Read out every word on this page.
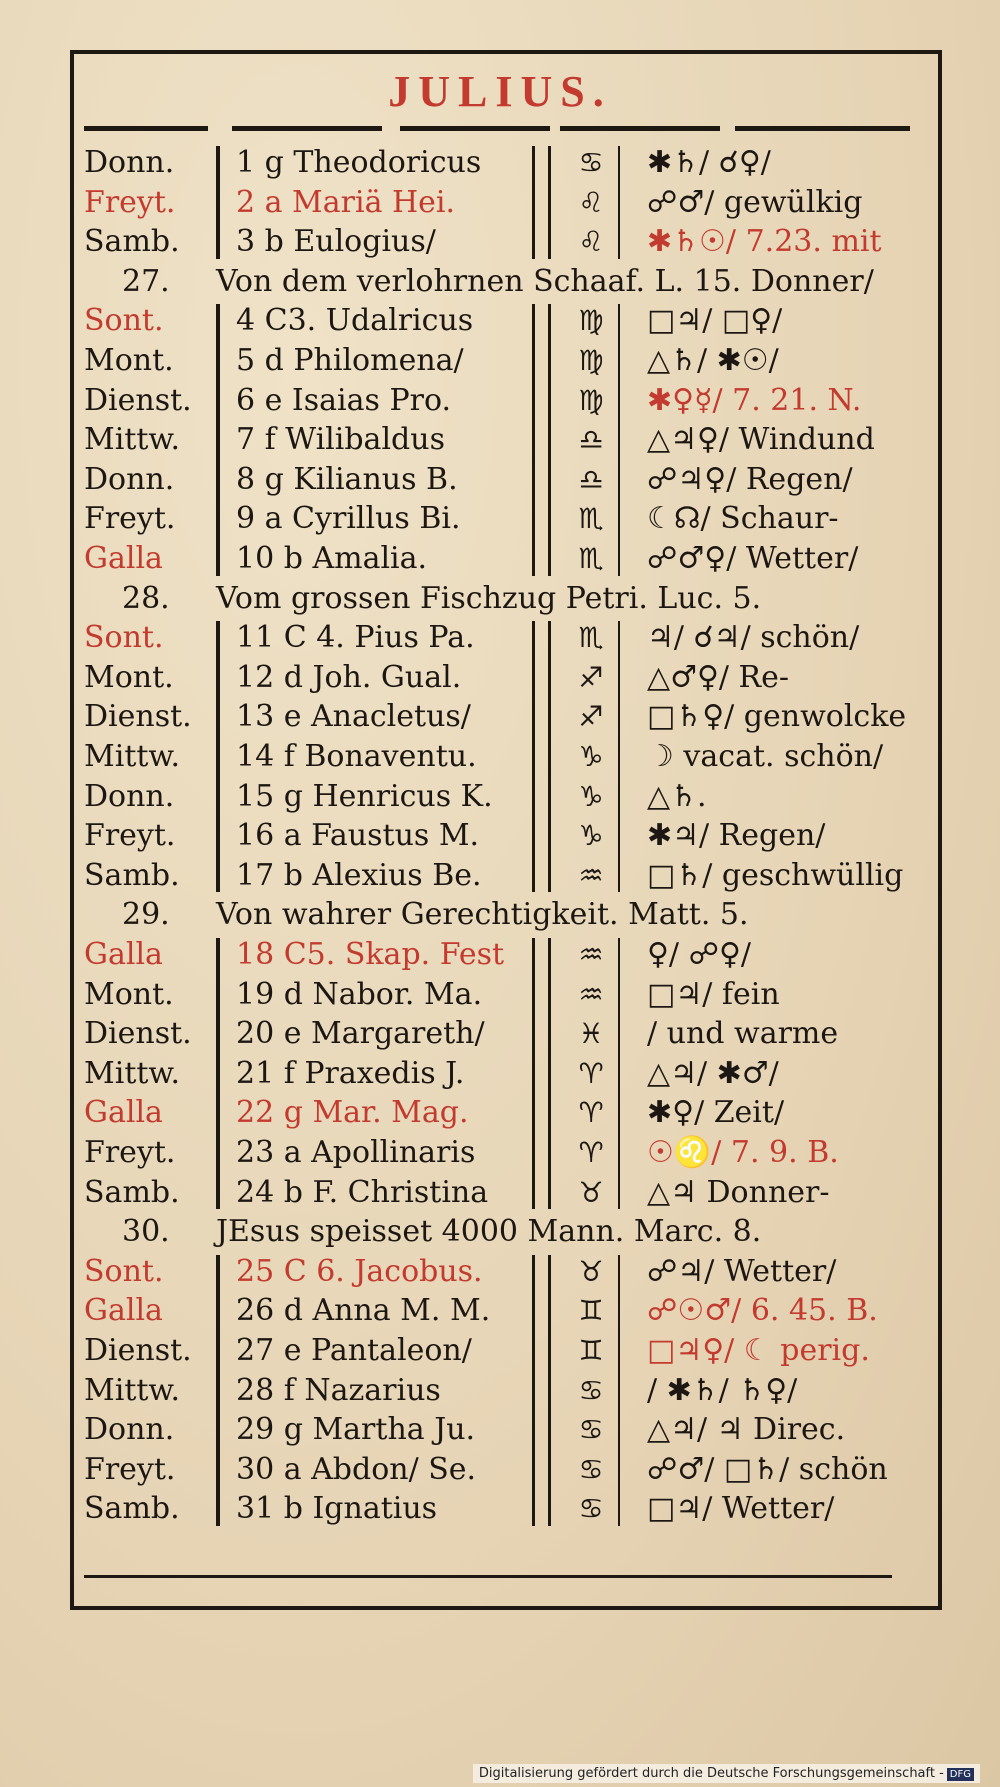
JULIUS.
Donn.	1 g Theodoricus	♋	✱♄/ ☌♀/
Freyt.	2 a Mariä Hei.	♌	☍♂/ gewülkig
Samb.	3 b Eulogius/	♌	✱♄☉/ 7.23. mit
27. Von dem verlohrnen Schaaf. L. 15. Donner/
Sont.	4 C3. Udalricus	♍	□♃/ □♀/
Mont.	5 d Philomena/	♍	△♄/ ✱☉/
Dienst.	6 e Isaias Pro.	♍	✱♀☿/ 7. 21. N.
Mittw.	7 f Wilibaldus	♎	△♃♀/ Windund
Donn.	8 g Kilianus B.	♎	☍♃♀/ Regen/
Freyt.	9 a Cyrillus Bi.	♏	☾☊/ Schaur-
Galla	10 b Amalia.	♏	☍♂♀/ Wetter/
28. Vom grossen Fischzug Petri. Luc. 5.
Sont.	11 C 4. Pius Pa.	♏	♃/ ☌♃/ schön/
Mont.	12 d Joh. Gual.	♐	△♂♀/ Re-
Dienst.	13 e Anacletus/	♐	□♄♀/ genwolcke
Mittw.	14 f Bonaventu.	♑	☽ vacat. schön/
Donn.	15 g Henricus K.	♑	△♄.
Freyt.	16 a Faustus M.	♑	✱♃/ Regen/
Samb.	17 b Alexius Be.	♒	□♄/ geschwüllig
29. Von wahrer Gerechtigkeit. Matt. 5.
Galla	18 C5. Skap. Fest	♒	♀/ ☍♀/
Mont.	19 d Nabor. Ma.	♒	□♃/ fein
Dienst.	20 e Margareth/	♓	/ und warme
Mittw.	21 f Praxedis J.	♈	△♃/ ✱♂/
Galla	22 g Mar. Mag.	♈	✱♀/ Zeit/
Freyt.	23 a Apollinaris	♈	☉♌/ 7. 9. B.
Samb.	24 b F. Christina	♉	△♃ Donner-
30. JEsus speisset 4000 Mann. Marc. 8.
Sont.	25 C 6. Jacobus.	♉	☍♃/ Wetter/
Galla	26 d Anna M. M.	♊	☍☉♂/ 6. 45. B.
Dienst.	27 e Pantaleon/	♊	□♃♀/ ☾ perig.
Mittw.	28 f Nazarius	♋	/ ✱♄/ ♄♀/
Donn.	29 g Martha Ju.	♋	△♃/ ♃ Direc.
Freyt.	30 a Abdon/ Se.	♋	☍♂/ □♄/ schön
Samb.	31 b Ignatius	♋	□♃/ Wetter/
Digitalisierung gefördert durch die Deutsche Forschungsgemeinschaft - DFG
